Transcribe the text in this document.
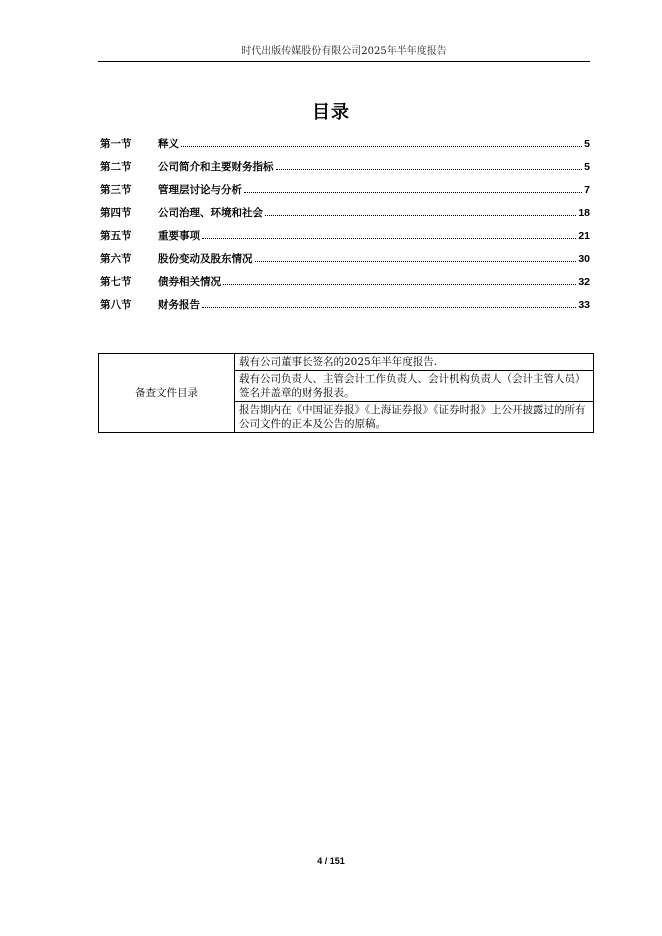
时代出版传媒股份有限公司2025年半年度报告
目录
第一节	释义	5
第二节	公司简介和主要财务指标	5
第三节	管理层讨论与分析	7
第四节	公司治理、环境和社会	18
第五节	重要事项	21
第六节	股份变动及股东情况	30
第七节	债券相关情况	32
第八节	财务报告	33
备查文件目录	载有公司董事长签名的2025年半年度报告.
载有公司负责人、主管会计工作负责人、会计机构负责人（会计主管人员）签名并盖章的财务报表。
报告期内在《中国证券报》《上海证券报》《证券时报》上公开披露过的所有公司文件的正本及公告的原稿。
4 / 151
